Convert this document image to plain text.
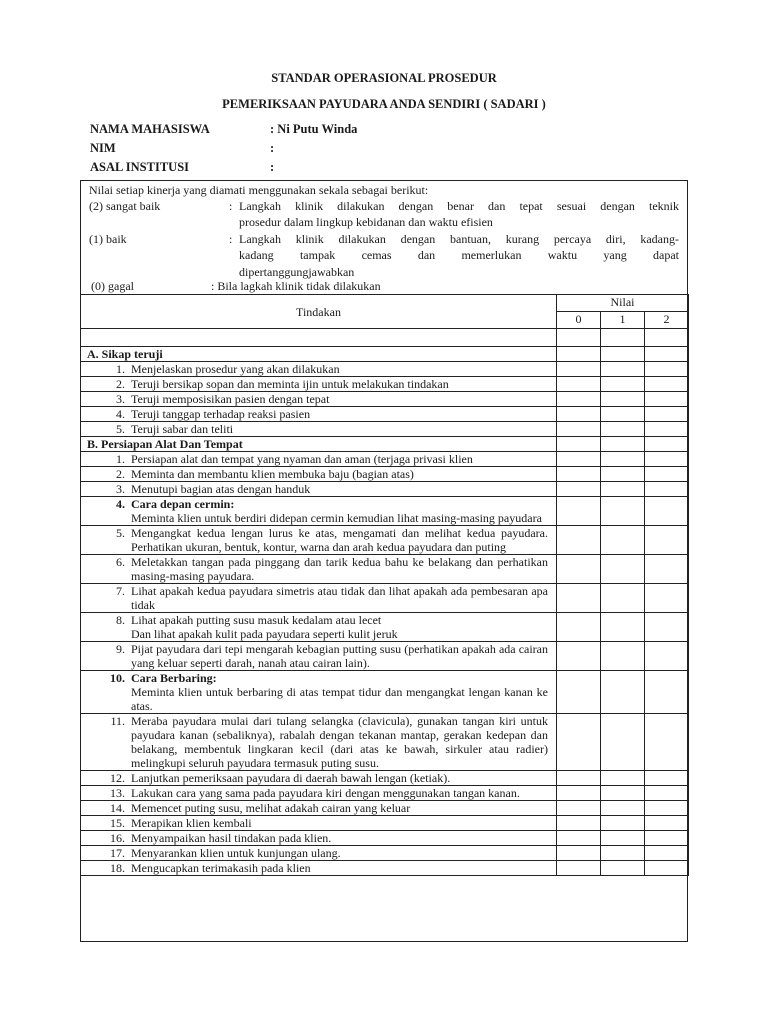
STANDAR OPERASIONAL PROSEDUR
PEMERIKSAAN PAYUDARA ANDA SENDIRI ( SADARI )
NAMA MAHASISWA	: Ni Putu Winda
NIM	:
ASAL INSTITUSI	:
Nilai setiap kinerja yang diamati menggunakan sekala sebagai berikut:
(2) sangat baik	: Langkah klinik dilakukan dengan benar dan tepat sesuai dengan teknik
prosedur dalam lingkup kebidanan dan waktu efisien
(1) baik	: Langkah klinik dilakukan dengan bantuan, kurang percaya diri, kadang-
kadang tampak cemas dan memerlukan waktu yang dapat
dipertanggungjawabkan
(0) gagal	: Bila lagkah klinik tidak dilakukan
Tindakan	Nilai		
	0	1	2

A. Sikap teruji			

1. Menjelaskan prosedur yang akan dilakukan			

2. Teruji bersikap sopan dan meminta ijin untuk melakukan tindakan			

3. Teruji memposisikan pasien dengan tepat			

4. Teruji tanggap terhadap reaksi pasien			

5. Teruji sabar dan teliti			

B. Persiapan Alat Dan Tempat			

1. Persiapan alat dan tempat yang nyaman dan aman (terjaga privasi klien			

2. Meminta dan membantu klien membuka baju (bagian atas)			

3. Menutupi bagian atas dengan handuk			

4. Cara depan cermin:
Meminta klien untuk berdiri didepan cermin kemudian lihat masing-masing payudara			

5. Mengangkat kedua lengan lurus ke atas, mengamati dan melihat kedua payudara. Perhatikan ukuran, bentuk, kontur, warna dan arah kedua payudara dan puting			

6. Meletakkan tangan pada pinggang dan tarik kedua bahu ke belakang dan perhatikan masing-masing payudara.			

7. Lihat apakah kedua payudara simetris atau tidak dan lihat apakah ada pembesaran apa tidak			

8. Lihat apakah putting susu masuk kedalam atau lecet
Dan lihat apakah kulit pada payudara seperti kulit jeruk			

9. Pijat payudara dari tepi mengarah kebagian putting susu (perhatikan apakah ada cairan yang keluar seperti darah, nanah atau cairan lain).			

10. Cara Berbaring:
Meminta klien untuk berbaring di atas tempat tidur dan mengangkat lengan kanan ke atas.			

11. Meraba payudara mulai dari tulang selangka (clavicula), gunakan tangan kiri untuk payudara kanan (sebaliknya), rabalah dengan tekanan mantap, gerakan kedepan dan belakang, membentuk lingkaran kecil (dari atas ke bawah, sirkuler atau radier) melingkupi seluruh payudara termasuk puting susu.			

12. Lanjutkan pemeriksaan payudara di daerah bawah lengan (ketiak).			

13. Lakukan cara yang sama pada payudara kiri dengan menggunakan tangan kanan.			

14. Memencet puting susu, melihat adakah cairan yang keluar			

15. Merapikan klien kembali			

16. Menyampaikan hasil tindakan pada klien.			

17. Menyarankan klien untuk kunjungan ulang.			

18. Mengucapkan terimakasih pada klien			
